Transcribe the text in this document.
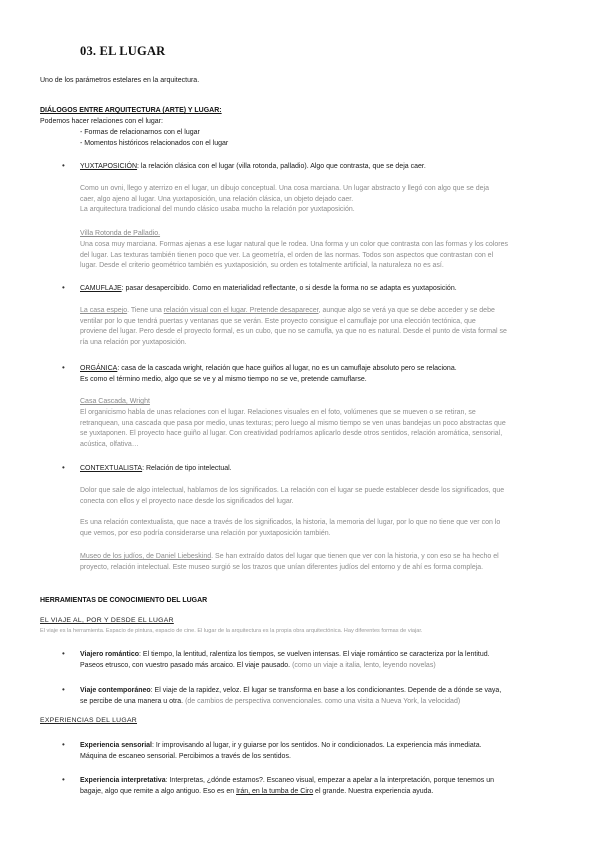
03. EL LUGAR
Uno de los parámetros estelares en la arquitectura.
DIÁLOGOS ENTRE ARQUITECTURA (ARTE) Y LUGAR:
Podemos hacer relaciones con el lugar:
- Formas de relacionarnos con el lugar
- Momentos históricos relacionados con el lugar
• YUXTAPOSICIÓN: la relación clásica con el lugar (villa rotonda, palladio). Algo que contrasta, que se deja caer.
Como un ovni, llego y aterrizo en el lugar, un dibujo conceptual. Una cosa marciana. Un lugar abstracto y llegó con algo que se deja
caer, algo ajeno al lugar. Una yuxtaposición, una relación clásica, un objeto dejado caer.
La arquitectura tradicional del mundo clásico usaba mucho la relación por yuxtaposición.
Villa Rotonda de Palladio.
Una cosa muy marciana. Formas ajenas a ese lugar natural que le rodea. Una forma y un color que contrasta con las formas y los colores
del lugar. Las texturas también tienen poco que ver. La geometría, el orden de las normas. Todos son aspectos que contrastan con el
lugar. Desde el criterio geométrico también es yuxtaposición, su orden es totalmente artificial, la naturaleza no es así.
• CAMUFLAJE: pasar desapercibido. Como en materialidad reflectante, o si desde la forma no se adapta es yuxtaposición.
La casa espejo. Tiene una relación visual con el lugar. Pretende desaparecer, aunque algo se verá ya que se debe acceder y se debe
ventilar por lo que tendrá puertas y ventanas que se verán. Este proyecto consigue el camuflaje por una elección tectónica, que
proviene del lugar. Pero desde el proyecto formal, es un cubo, que no se camufla, ya que no es natural. Desde el punto de vista formal se
ría una relación por yuxtaposición.
• ORGÁNICA: casa de la cascada wright, relación que hace guiños al lugar, no es un camuflaje absoluto pero se relaciona.
Es como el término medio, algo que se ve y al mismo tiempo no se ve, pretende camuflarse.
Casa Cascada, Wright
El organicismo habla de unas relaciones con el lugar. Relaciones visuales en el foto, volúmenes que se mueven o se retiran, se
retranquean, una cascada que pasa por medio, unas texturas; pero luego al mismo tiempo se ven unas bandejas un poco abstractas que
se yuxtaponen. El proyecto hace guiño al lugar. Con creatividad podríamos aplicarlo desde otros sentidos, relación aromática, sensorial,
acústica, olfativa…
• CONTEXTUALISTA: Relación de tipo intelectual.
Dolor que sale de algo intelectual, hablamos de los significados. La relación con el lugar se puede establecer desde los significados, que
conecta con ellos y el proyecto nace desde los significados del lugar.
Es una relación contextualista, que nace a través de los significados, la historia, la memoria del lugar, por lo que no tiene que ver con lo
que vemos, por eso podría considerarse una relación por yuxtaposición también.
Museo de los judíos, de Daniel Liebeskind. Se han extraído datos del lugar que tienen que ver con la historia, y con eso se ha hecho el
proyecto, relación intelectual. Este museo surgió se los trazos que unían diferentes judíos del entorno y de ahí es forma compleja.
HERRAMIENTAS DE CONOCIMIENTO DEL LUGAR
EL VIAJE AL, POR Y DESDE EL LUGAR
El viaje es la herramienta. Espacio de pintura, espacio de cine. El lugar de la arquitectura es la propia obra arquitectónica. Hay diferentes formas de viajar.
• Viajero romántico: El tiempo, la lentitud, ralentiza los tiempos, se vuelven intensas. El viaje romántico se caracteriza por la lentitud.
Paseos etrusco, con vuestro pasado más arcaico. El viaje pausado. (como un viaje a italia, lento, leyendo novelas)
• Viaje contemporáneo: El viaje de la rapidez, veloz. El lugar se transforma en base a los condicionantes. Depende de a dónde se vaya,
se percibe de una manera u otra. (de cambios de perspectiva convencionales. como una visita a Nueva York, la velocidad)
EXPERIENCIAS DEL LUGAR
• Experiencia sensorial: Ir improvisando al lugar, ir y guiarse por los sentidos. No ir condicionados. La experiencia más inmediata.
Máquina de escaneo sensorial. Percibimos a través de los sentidos.
• Experiencia interpretativa: Interpretas, ¿dónde estamos?. Escaneo visual, empezar a apelar a la interpretación, porque tenemos un
bagaje, algo que remite a algo antiguo. Eso es en Irán, en la tumba de Ciro el grande. Nuestra experiencia ayuda.
